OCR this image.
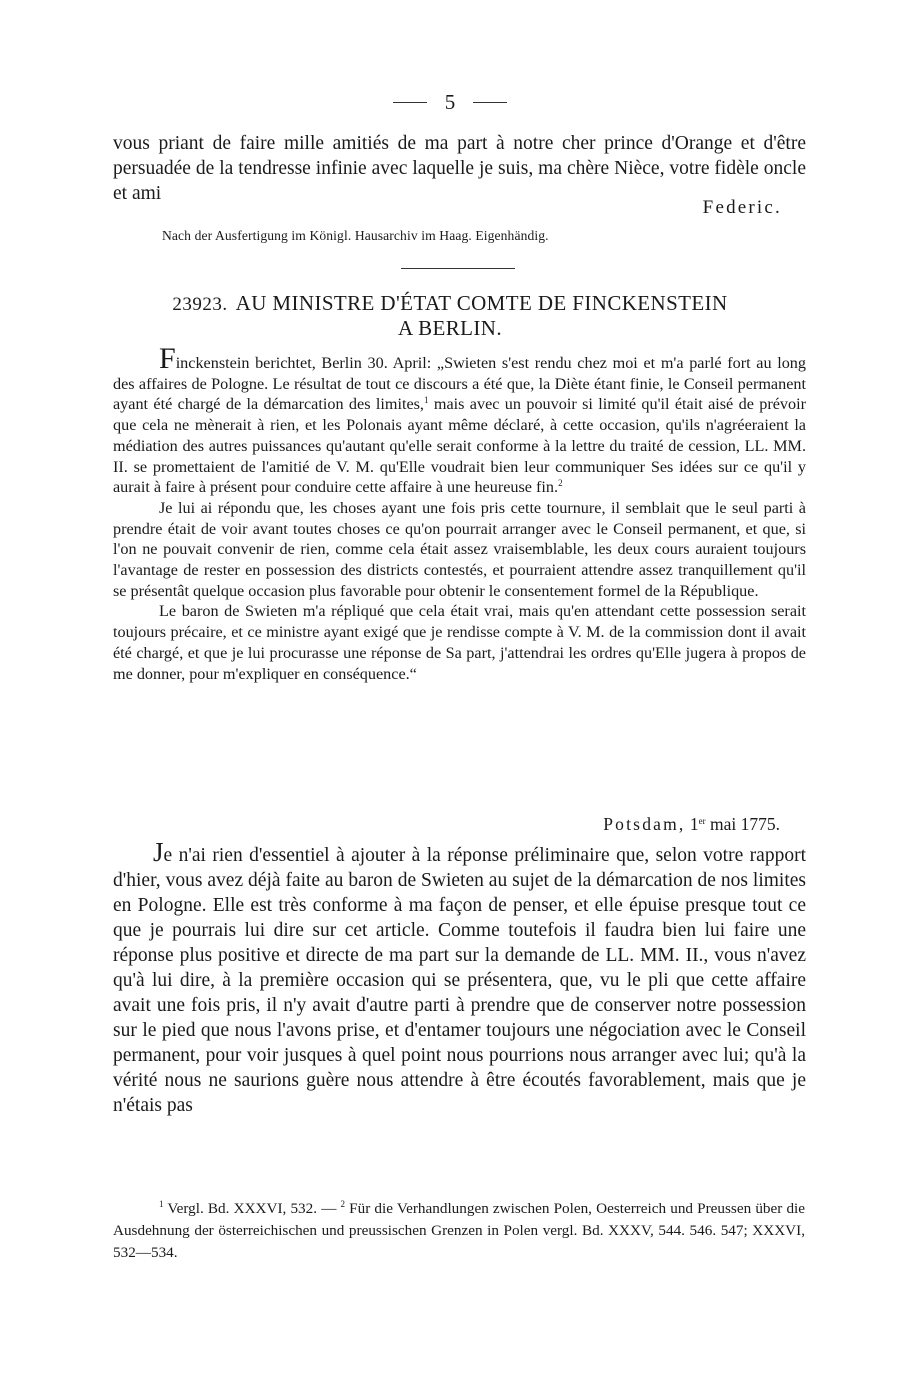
5
vous priant de faire mille amitiés de ma part à notre cher prince d'Orange et d'être persuadée de la tendresse infinie avec laquelle je suis, ma chère Nièce, votre fidèle oncle et ami
Federic.
Nach der Ausfertigung im Königl. Hausarchiv im Haag. Eigenhändig.
23923. AU MINISTRE D'ÉTAT COMTE DE FINCKENSTEIN
A BERLIN.

Finckenstein berichtet, Berlin 30. April: „Swieten s'est rendu chez moi et m'a parlé fort au long des affaires de Pologne. Le résultat de tout ce discours a été que, la Diète étant finie, le Conseil permanent ayant été chargé de la démarcation des limites,$^1$ mais avec un pouvoir si limité qu'il était aisé de prévoir que cela ne mènerait à rien, et les Polonais ayant même déclaré, à cette occasion, qu'ils n'agréeraient la médiation des autres puissances qu'autant qu'elle serait conforme à la lettre du traité de cession, LL. MM. II. se promettaient de l'amitié de V. M. qu'Elle voudrait bien leur communiquer Ses idées sur ce qu'il y aurait à faire à présent pour conduire cette affaire à une heureuse fin.$^2$

Je lui ai répondu que, les choses ayant une fois pris cette tournure, il semblait que le seul parti à prendre était de voir avant toutes choses ce qu'on pourrait arranger avec le Conseil permanent, et que, si l'on ne pouvait convenir de rien, comme cela était assez vraisemblable, les deux cours auraient toujours l'avantage de rester en possession des districts contestés, et pourraient attendre assez tranquillement qu'il se présentât quelque occasion plus favorable pour obtenir le consentement formel de la République.

Le baron de Swieten m'a répliqué que cela était vrai, mais qu'en attendant cette possession serait toujours précaire, et ce ministre ayant exigé que je rendisse compte à V. M. de la commission dont il avait été chargé, et que je lui procurasse une réponse de Sa part, j'attendrai les ordres qu'Elle jugera à propos de me donner, pour m'expliquer en conséquence.“

Potsdam, 1er mai 1775.

Je n'ai rien d'essentiel à ajouter à la réponse préliminaire que, selon votre rapport d'hier, vous avez déjà faite au baron de Swieten au sujet de la démarcation de nos limites en Pologne. Elle est très conforme à ma façon de penser, et elle épuise presque tout ce que je pourrais lui dire sur cet article. Comme toutefois il faudra bien lui faire une réponse plus positive et directe de ma part sur la demande de LL. MM. II., vous n'avez qu'à lui dire, à la première occasion qui se présentera, que, vu le pli que cette affaire avait une fois pris, il n'y avait d'autre parti à prendre que de conserver notre possession sur le pied que nous l'avons prise, et d'entamer toujours une négociation avec le Conseil permanent, pour voir jusques à quel point nous pourrions nous arranger avec lui; qu'à la vérité nous ne saurions guère nous attendre à être écoutés favorablement, mais que je n'étais pas

$^1$ Vergl. Bd. XXXVI, 532. — $^2$ Für die Verhandlungen zwischen Polen, Oesterreich und Preussen über die Ausdehnung der österreichischen und preussischen Grenzen in Polen vergl. Bd. XXXV, 544. 546. 547; XXXVI, 532—534.
